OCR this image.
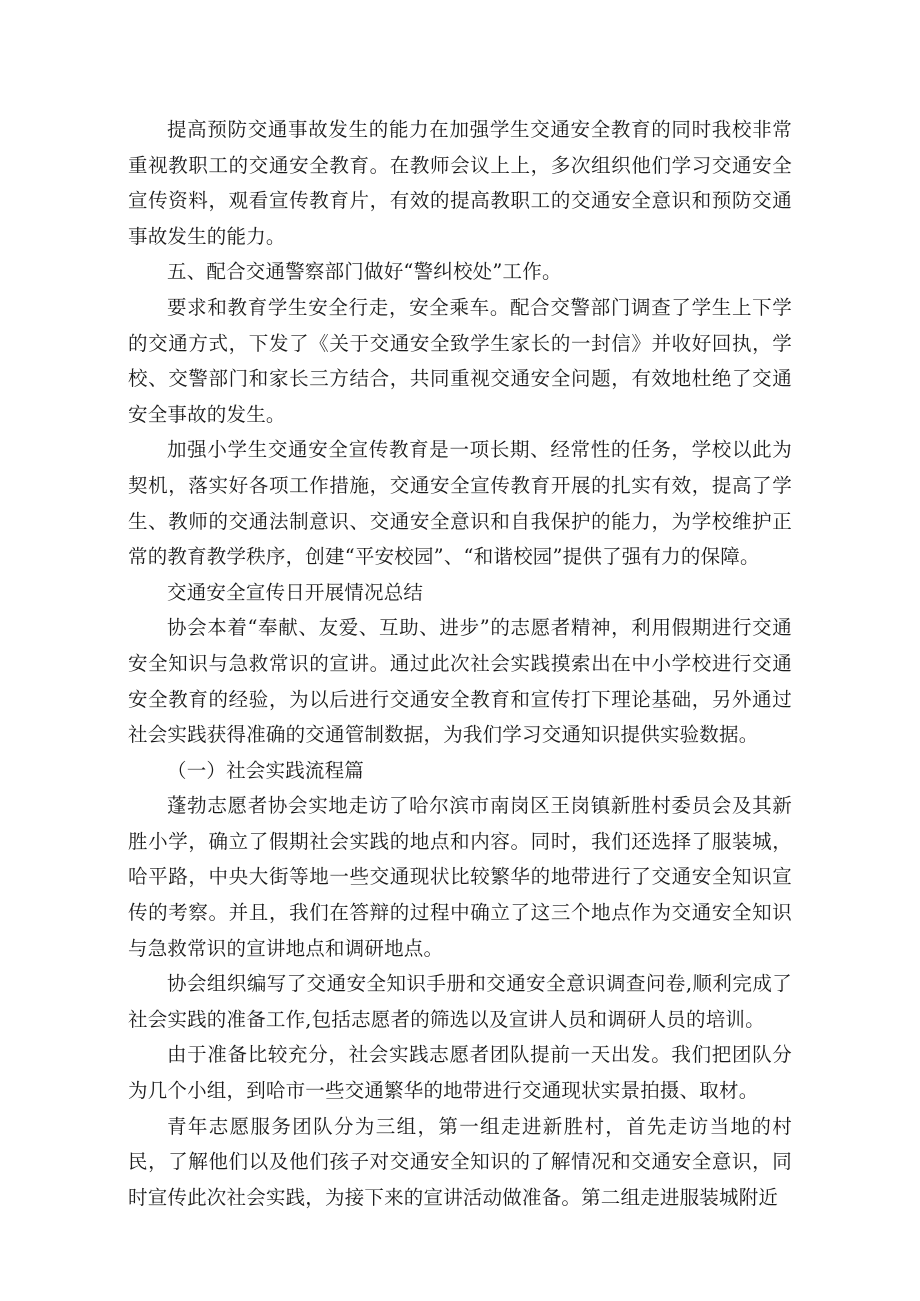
提高预防交通事故发生的能力在加强学生交通安全教育的同时我校非常重视教职工的交通安全教育。在教师会议上上，多次组织他们学习交通安全宣传资料，观看宣传教育片，有效的提高教职工的交通安全意识和预防交通事故发生的能力。

五、配合交通警察部门做好“警纠校处”工作。

要求和教育学生安全行走，安全乘车。配合交警部门调查了学生上下学的交通方式，下发了《关于交通安全致学生家长的一封信》并收好回执，学校、交警部门和家长三方结合，共同重视交通安全问题，有效地杜绝了交通安全事故的发生。

加强小学生交通安全宣传教育是一项长期、经常性的任务，学校以此为契机，落实好各项工作措施，交通安全宣传教育开展的扎实有效，提高了学生、教师的交通法制意识、交通安全意识和自我保护的能力，为学校维护正常的教育教学秩序，创建“平安校园”、“和谐校园”提供了强有力的保障。

交通安全宣传日开展情况总结

协会本着“奉献、友爱、互助、进步”的志愿者精神，利用假期进行交通安全知识与急救常识的宣讲。通过此次社会实践摸索出在中小学校进行交通安全教育的经验，为以后进行交通安全教育和宣传打下理论基础，另外通过社会实践获得准确的交通管制数据，为我们学习交通知识提供实验数据。

（一）社会实践流程篇

蓬勃志愿者协会实地走访了哈尔滨市南岗区王岗镇新胜村委员会及其新胜小学，确立了假期社会实践的地点和内容。同时，我们还选择了服装城，哈平路，中央大街等地一些交通现状比较繁华的地带进行了交通安全知识宣传的考察。并且，我们在答辩的过程中确立了这三个地点作为交通安全知识与急救常识的宣讲地点和调研地点。

协会组织编写了交通安全知识手册和交通安全意识调查问卷,顺利完成了社会实践的准备工作,包括志愿者的筛选以及宣讲人员和调研人员的培训。

由于准备比较充分，社会实践志愿者团队提前一天出发。我们把团队分为几个小组，到哈市一些交通繁华的地带进行交通现状实景拍摄、取材。

青年志愿服务团队分为三组，第一组走进新胜村，首先走访当地的村民，了解他们以及他们孩子对交通安全知识的了解情况和交通安全意识，同时宣传此次社会实践，为接下来的宣讲活动做准备。第二组走进服装城附近
